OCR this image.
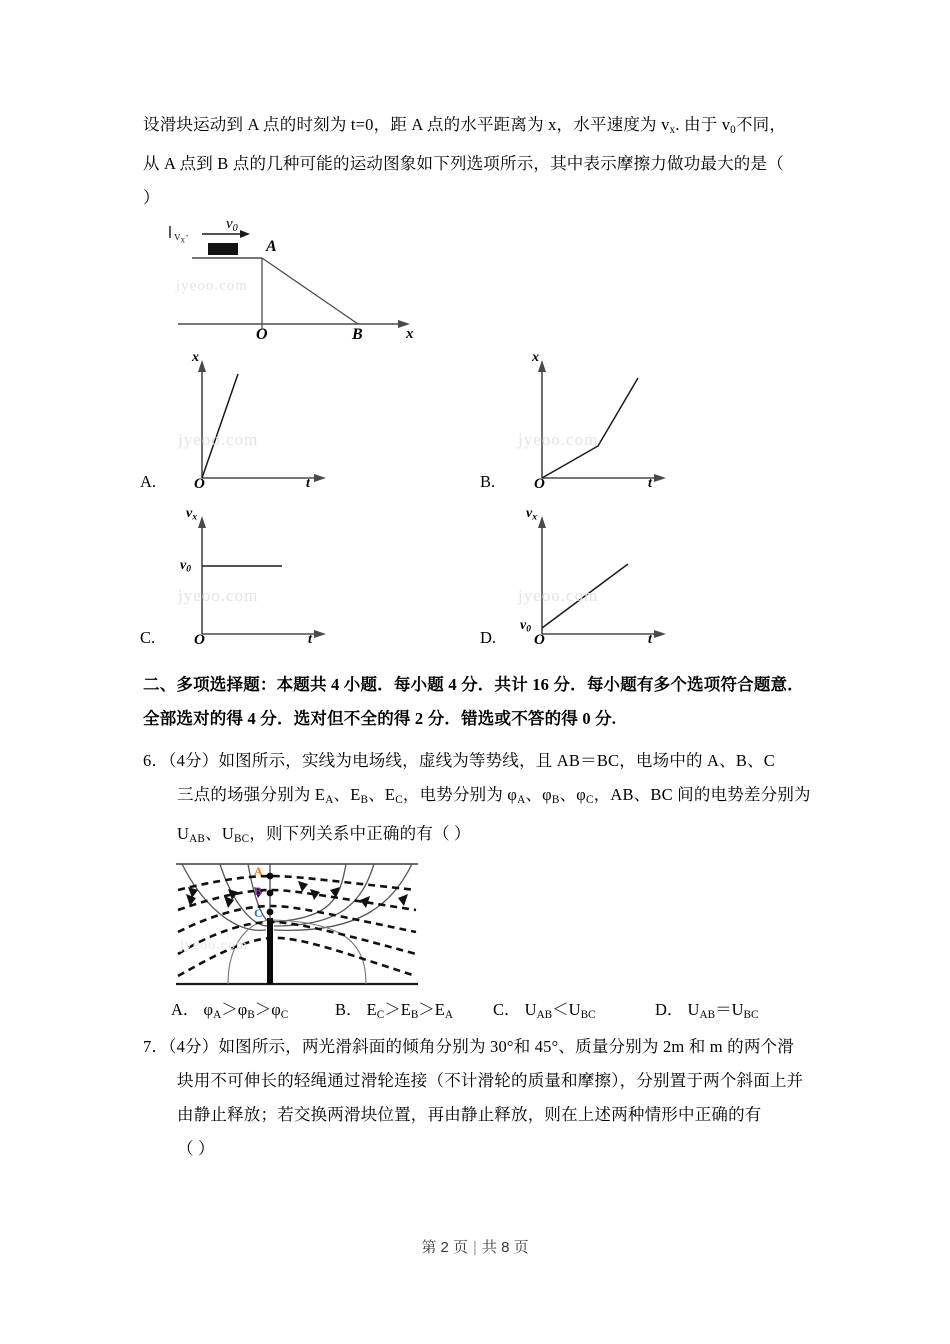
设滑块运动到 A 点的时刻为 t=0，距 A 点的水平距离为 x，水平速度为 $v_x$. 由于 $v_0$不同，
从 A 点到 B 点的几种可能的运动图象如下列选项所示，其中表示摩擦力做功最大的是（
）
jyeoo.com
$v_0$
$v_x\cdot$
A
O	B	x
jyeoo.com
x
O	t
A.
jyeoo.com
x
O	t
B.
jyeoo.com
$v_x$
$v_0$
O	t
C.
jyeoo.com
$v_x$
$v_0$
O	t
D.
二、多项选择题：本题共 4 小题．每小题 4 分．共计 16 分．每小题有多个选项符合题意．
全部选对的得 4 分．选对但不全的得 2 分．错选或不答的得 0 分.
6．（4分）如图所示，实线为电场线，虚线为等势线，且 AB＝BC，电场中的 A、B、C
三点的场强分别为 $E_A$、$E_B$、$E_C$，电势分别为 $\varphi_A$、$\varphi_B$、$\varphi_C$，AB、BC 间的电势差分别为
$U_{AB}$、$U_{BC}$，则下列关系中正确的有（ ）
A
B
C
jyeoo.com
A． $\varphi_A>\varphi_B>\varphi_C$	B． $E_C>E_B>E_A$ C． $U_{AB}<U_{BC}$	D． $U_{AB}=U_{BC}$
7．（4分）如图所示，两光滑斜面的倾角分别为 30°和 45°、质量分别为 2m 和 m 的两个滑
块用不可伸长的轻绳通过滑轮连接（不计滑轮的质量和摩擦），分别置于两个斜面上并
由静止释放；若交换两滑块位置，再由静止释放，则在上述两种情形中正确的有
（ ）
第 2 页 | 共 8 页
